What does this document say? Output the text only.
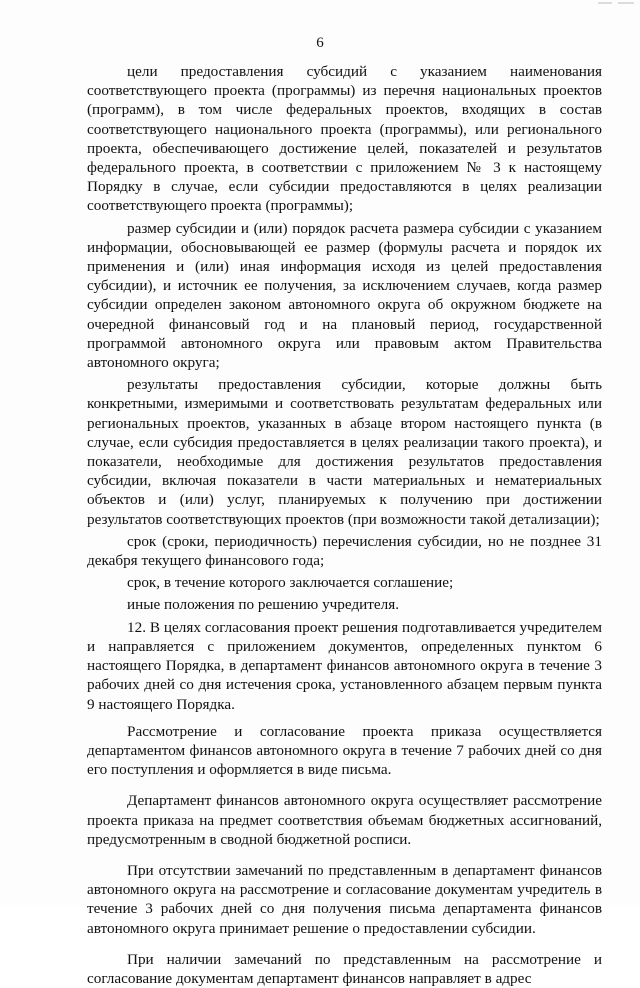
6

цели предоставления субсидий с указанием наименования соответствующего проекта (программы) из перечня национальных проектов (программ), в том числе федеральных проектов, входящих в состав соответствующего национального проекта (программы), или регионального проекта, обеспечивающего достижение целей, показателей и результатов федерального проекта, в соответствии с приложением № 3 к настоящему Порядку в случае, если субсидии предоставляются в целях реализации соответствующего проекта (программы);

размер субсидии и (или) порядок расчета размера субсидии с указанием информации, обосновывающей ее размер (формулы расчета и порядок их применения и (или) иная информация исходя из целей предоставления субсидии), и источник ее получения, за исключением случаев, когда размер субсидии определен законом автономного округа об окружном бюджете на очередной финансовый год и на плановый период, государственной программой автономного округа или правовым актом Правительства автономного округа;

результаты предоставления субсидии, которые должны быть конкретными, измеримыми и соответствовать результатам федеральных или региональных проектов, указанных в абзаце втором настоящего пункта (в случае, если субсидия предоставляется в целях реализации такого проекта), и показатели, необходимые для достижения результатов предоставления субсидии, включая показатели в части материальных и нематериальных объектов и (или) услуг, планируемых к получению при достижении результатов соответствующих проектов (при возможности такой детализации);

срок (сроки, периодичность) перечисления субсидии, но не позднее 31 декабря текущего финансового года;

срок, в течение которого заключается соглашение;

иные положения по решению учредителя.

12. В целях согласования проект решения подготавливается учредителем и направляется с приложением документов, определенных пунктом 6 настоящего Порядка, в департамент финансов автономного округа в течение 3 рабочих дней со дня истечения срока, установленного абзацем первым пункта 9 настоящего Порядка.

Рассмотрение и согласование проекта приказа осуществляется департаментом финансов автономного округа в течение 7 рабочих дней со дня его поступления и оформляется в виде письма.

Департамент финансов автономного округа осуществляет рассмотрение проекта приказа на предмет соответствия объемам бюджетных ассигнований, предусмотренным в сводной бюджетной росписи.

При отсутствии замечаний по представленным в департамент финансов автономного округа на рассмотрение и согласование документам учредитель в течение 3 рабочих дней со дня получения письма департамента финансов автономного округа принимает решение о предоставлении субсидии.

При наличии замечаний по представленным на рассмотрение и согласование документам департамент финансов направляет в адрес
